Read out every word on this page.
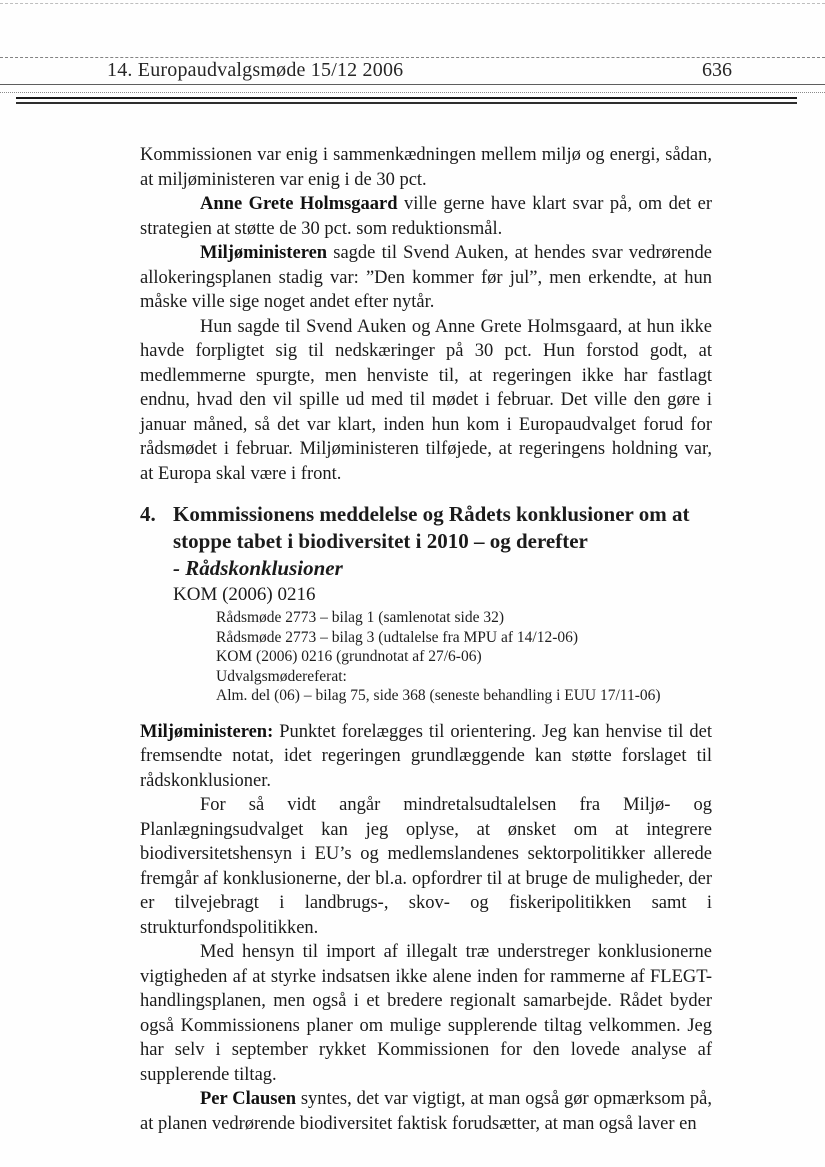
14. Europaudvalgsmøde 15/12 2006	636

Kommissionen var enig i sammenkædningen mellem miljø og energi, sådan, at miljøministeren var enig i de 30 pct.

Anne Grete Holmsgaard ville gerne have klart svar på, om det er strategien at støtte de 30 pct. som reduktionsmål.

Miljøministeren sagde til Svend Auken, at hendes svar vedrørende allokeringsplanen stadig var: ”Den kommer før jul”, men erkendte, at hun måske ville sige noget andet efter nytår.

Hun sagde til Svend Auken og Anne Grete Holmsgaard, at hun ikke havde forpligtet sig til nedskæringer på 30 pct. Hun forstod godt, at medlemmerne spurgte, men henviste til, at regeringen ikke har fastlagt endnu, hvad den vil spille ud med til mødet i februar. Det ville den gøre i januar måned, så det var klart, inden hun kom i Europaudvalget forud for rådsmødet i februar. Miljøministeren tilføjede, at regeringens holdning var, at Europa skal være i front.

4. Kommissionens meddelelse og Rådets konklusioner om at stoppe tabet i biodiversitet i 2010 – og derefter
- Rådskonklusioner
KOM (2006) 0216
Rådsmøde 2773 – bilag 1 (samlenotat side 32)
Rådsmøde 2773 – bilag 3 (udtalelse fra MPU af 14/12-06)
KOM (2006) 0216 (grundnotat af 27/6-06)
Udvalgsmødereferat:
Alm. del (06) – bilag 75, side 368 (seneste behandling i EUU 17/11-06)

Miljøministeren: Punktet forelægges til orientering. Jeg kan henvise til det fremsendte notat, idet regeringen grundlæggende kan støtte forslaget til rådskonklusioner.

For så vidt angår mindretalsudtalelsen fra Miljø- og Planlægningsudvalget kan jeg oplyse, at ønsket om at integrere biodiversitetshensyn i EU’s og medlemslandenes sektorpolitikker allerede fremgår af konklusionerne, der bl.a. opfordrer til at bruge de muligheder, der er tilvejebragt i landbrugs-, skov- og fiskeripolitikken samt i strukturfondspolitikken.

Med hensyn til import af illegalt træ understreger konklusionerne vigtigheden af at styrke indsatsen ikke alene inden for rammerne af FLEGT-handlingsplanen, men også i et bredere regionalt samarbejde. Rådet byder også Kommissionens planer om mulige supplerende tiltag velkommen. Jeg har selv i september rykket Kommissionen for den lovede analyse af supplerende tiltag.

Per Clausen syntes, det var vigtigt, at man også gør opmærksom på, at planen vedrørende biodiversitet faktisk forudsætter, at man også laver en
